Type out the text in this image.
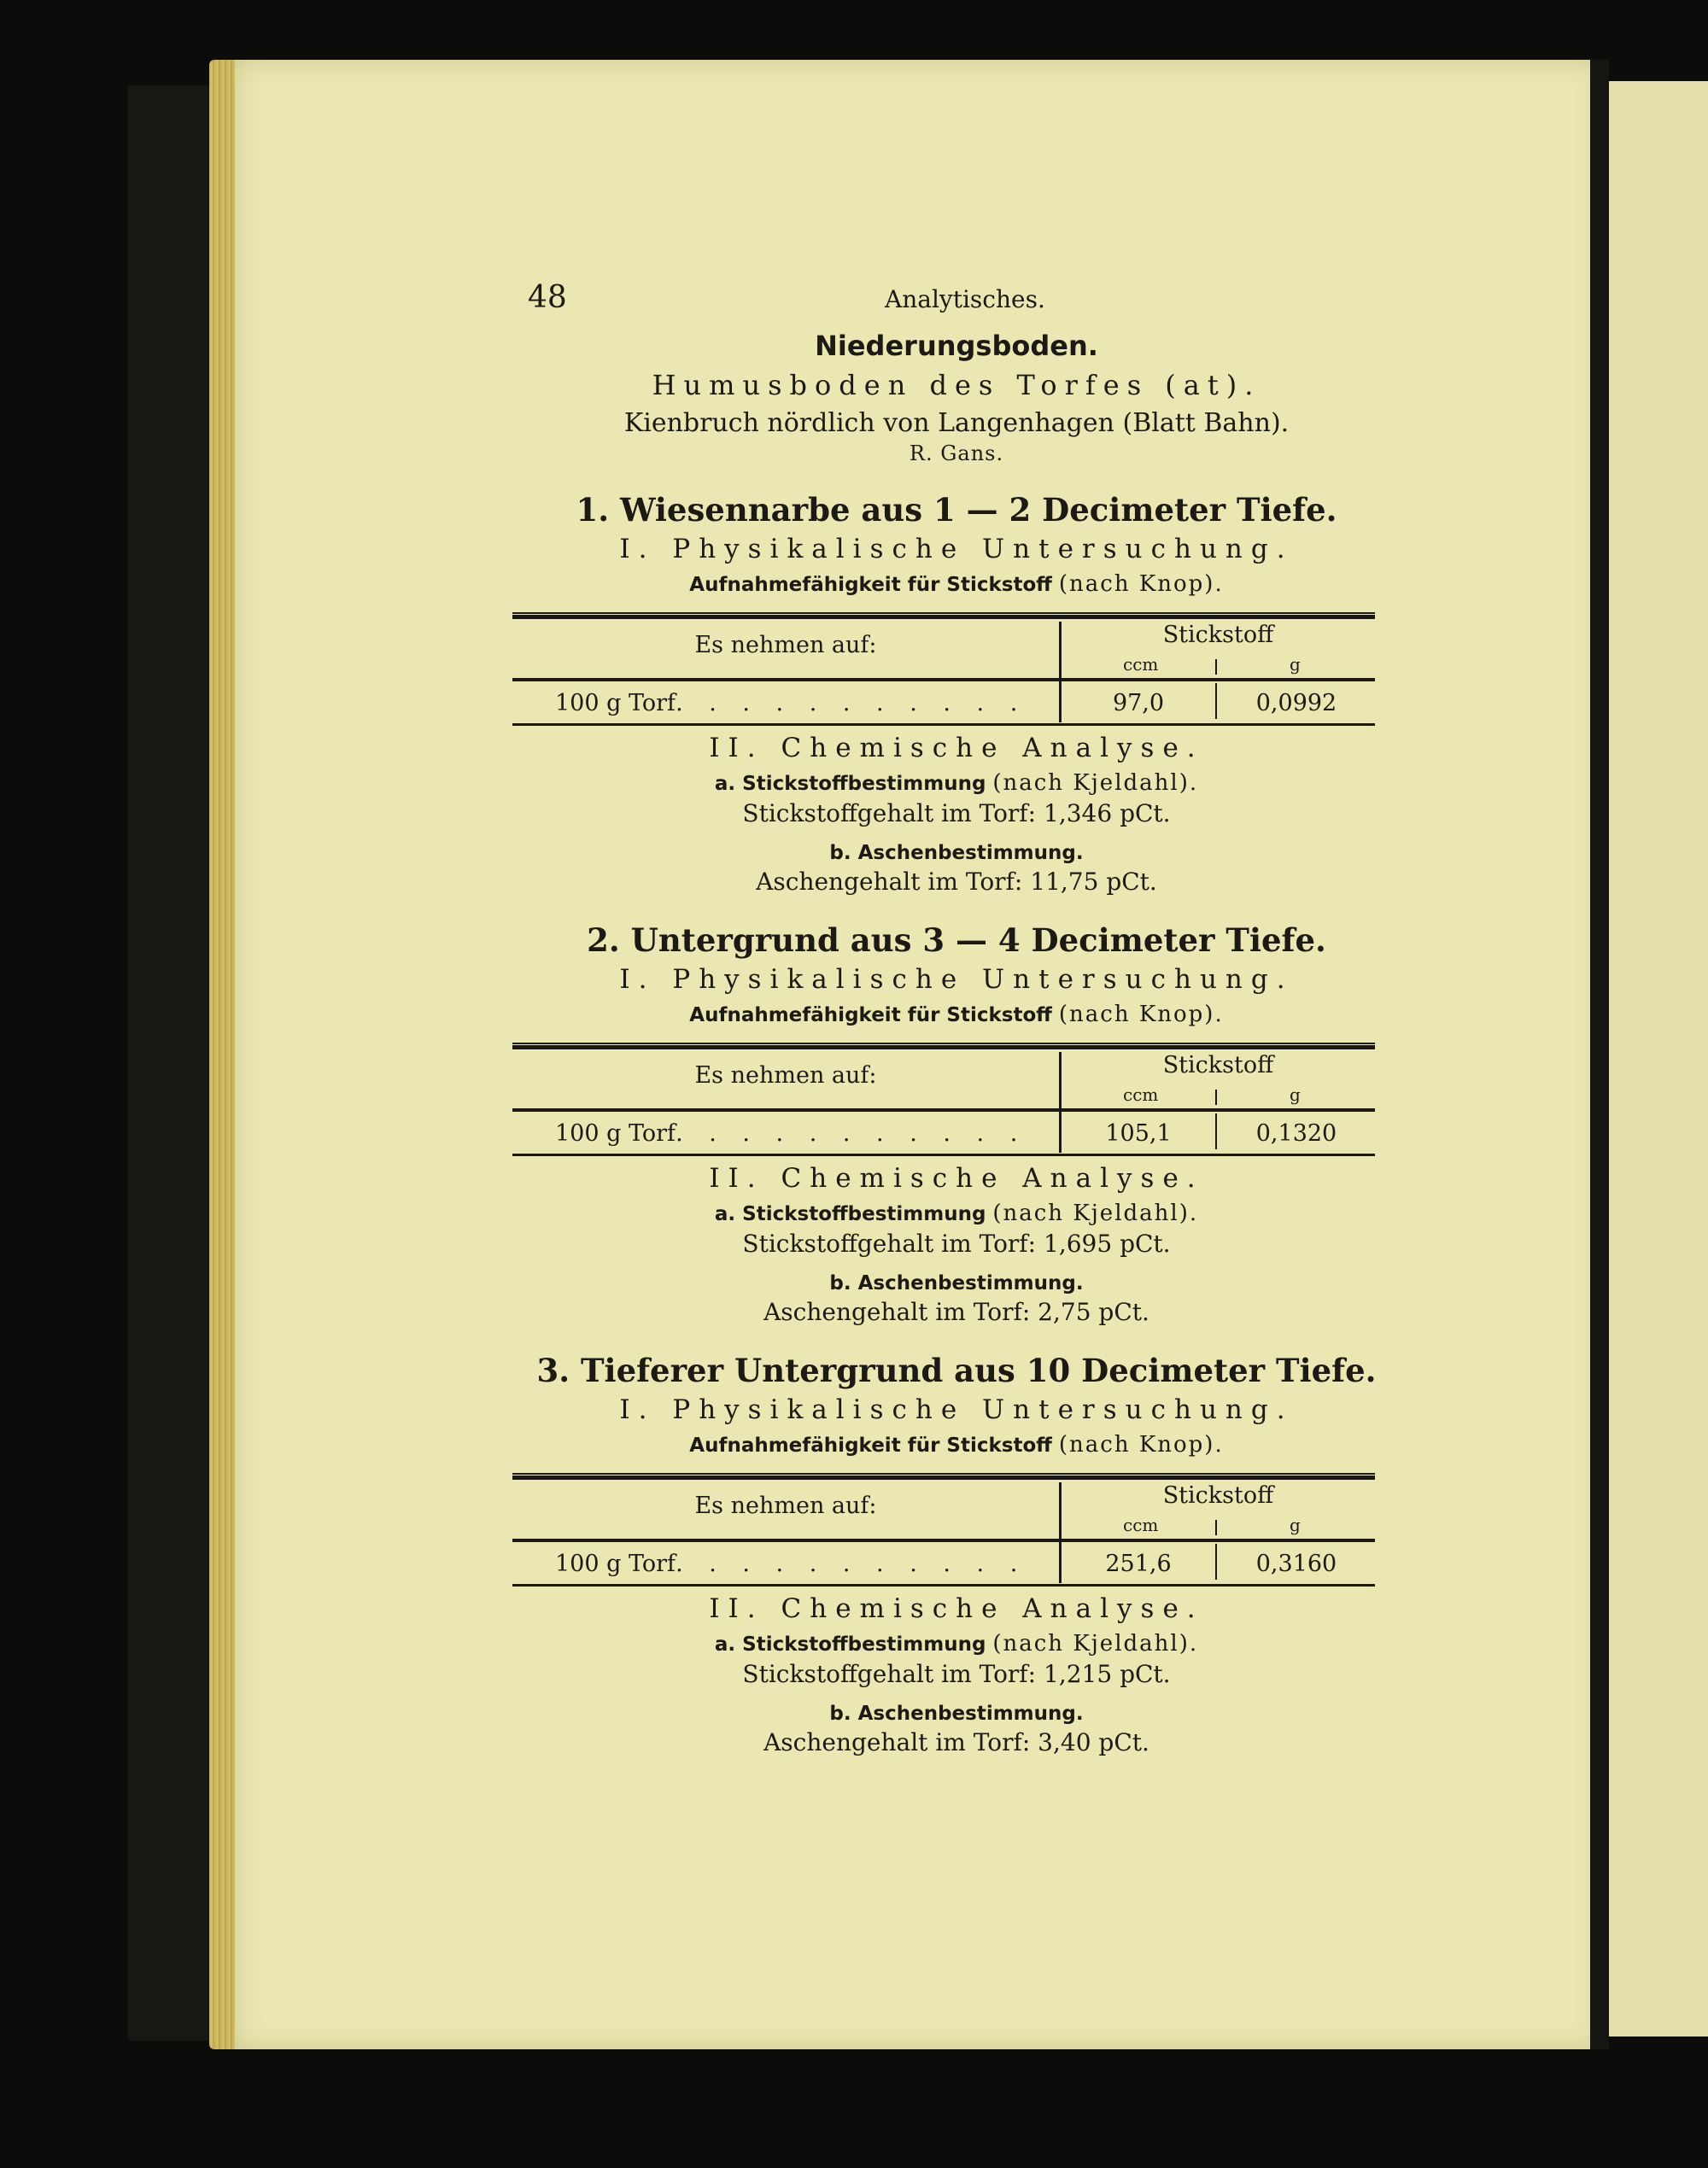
48	Analytisches.
Niederungsboden.
Humusboden des Torfes (at).
Kienbruch nördlich von Langenhagen (Blatt Bahn).
R. Gans.
1. Wiesennarbe aus 1 — 2 Decimeter Tiefe.
I. Physikalische Untersuchung.
Aufnahmefähigkeit für Stickstoff (nach Knop).
Es nehmen auf:	Stickstoff
ccm	g
100 g Torf. . . . . . . . . . .	97,0	0,0992
II. Chemische Analyse.
a. Stickstoffbestimmung (nach Kjeldahl).
Stickstoffgehalt im Torf: 1,346 pCt.
b. Aschenbestimmung.
Aschengehalt im Torf: 11,75 pCt.
2. Untergrund aus 3 — 4 Decimeter Tiefe.
I. Physikalische Untersuchung.
Aufnahmefähigkeit für Stickstoff (nach Knop).
Es nehmen auf:	Stickstoff
ccm	g
100 g Torf. . . . . . . . . . .	105,1	0,1320
II. Chemische Analyse.
a. Stickstoffbestimmung (nach Kjeldahl).
Stickstoffgehalt im Torf: 1,695 pCt.
b. Aschenbestimmung.
Aschengehalt im Torf: 2,75 pCt.
3. Tieferer Untergrund aus 10 Decimeter Tiefe.
I. Physikalische Untersuchung.
Aufnahmefähigkeit für Stickstoff (nach Knop).
Es nehmen auf:	Stickstoff
ccm	g
100 g Torf. . . . . . . . . . .	251,6	0,3160
II. Chemische Analyse.
a. Stickstoffbestimmung (nach Kjeldahl).
Stickstoffgehalt im Torf: 1,215 pCt.
b. Aschenbestimmung.
Aschengehalt im Torf: 3,40 pCt.
